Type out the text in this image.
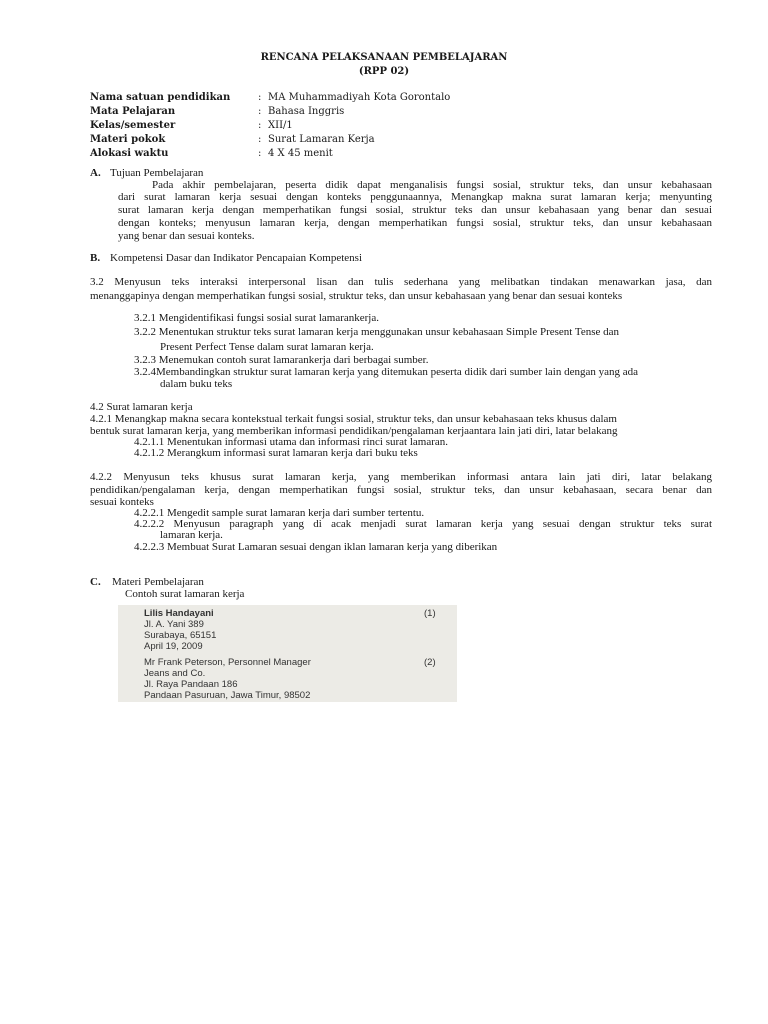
RENCANA PELAKSANAAN PEMBELAJARAN
(RPP 02)
Nama satuan pendidikan	: MA Muhammadiyah Kota Gorontalo
Mata Pelajaran	: Bahasa Inggris
Kelas/semester	: XII/1
Materi pokok	: Surat Lamaran Kerja
Alokasi waktu	: 4 X 45 menit
A. Tujuan Pembelajaran
Pada akhir pembelajaran, peserta didik dapat menganalisis fungsi sosial, struktur teks, dan unsur kebahasaan
dari surat lamaran kerja sesuai dengan konteks penggunaannya, Menangkap makna surat lamaran kerja; menyunting
surat lamaran kerja dengan memperhatikan fungsi sosial, struktur teks dan unsur kebahasaan yang benar dan sesuai
dengan konteks; menyusun lamaran kerja, dengan memperhatikan fungsi sosial, struktur teks, dan unsur kebahasaan
yang benar dan sesuai konteks.
B. Kompetensi Dasar dan Indikator Pencapaian Kompetensi
3.2 Menyusun teks interaksi interpersonal lisan dan tulis sederhana yang melibatkan tindakan menawarkan jasa, dan
menanggapinya dengan memperhatikan fungsi sosial, struktur teks, dan unsur kebahasaan yang benar dan sesuai konteks
3.2.1 Mengidentifikasi fungsi sosial surat lamarankerja.
3.2.2 Menentukan struktur teks surat lamaran kerja menggunakan unsur kebahasaan Simple Present Tense dan
Present Perfect Tense dalam surat lamaran kerja.
3.2.3 Menemukan contoh surat lamarankerja dari berbagai sumber.
3.2.4Membandingkan struktur surat lamaran kerja yang ditemukan peserta didik dari sumber lain dengan yang ada
dalam buku teks
4.2 Surat lamaran kerja
4.2.1 Menangkap makna secara kontekstual terkait fungsi sosial, struktur teks, dan unsur kebahasaan teks khusus dalam
bentuk surat lamaran kerja, yang memberikan informasi pendidikan/pengalaman kerjaantara lain jati diri, latar belakang
4.2.1.1 Menentukan informasi utama dan informasi rinci surat lamaran.
4.2.1.2 Merangkum informasi surat lamaran kerja dari buku teks
4.2.2 Menyusun teks khusus surat lamaran kerja, yang memberikan informasi antara lain jati diri, latar belakang
pendidikan/pengalaman kerja, dengan memperhatikan fungsi sosial, struktur teks, dan unsur kebahasaan, secara benar dan
sesuai konteks
4.2.2.1 Mengedit sample surat lamaran kerja dari sumber tertentu.
4.2.2.2 Menyusun paragraph yang di acak menjadi surat lamaran kerja yang sesuai dengan struktur teks surat
lamaran kerja.
4.2.2.3 Membuat Surat Lamaran sesuai dengan iklan lamaran kerja yang diberikan
C. Materi Pembelajaran
Contoh surat lamaran kerja
Lilis Handayani	(1)
Jl. A. Yani 389
Surabaya, 65151
April 19, 2009
Mr Frank Peterson, Personnel Manager	(2)
Jeans and Co.
Jl. Raya Pandaan 186
Pandaan Pasuruan, Jawa Timur, 98502
